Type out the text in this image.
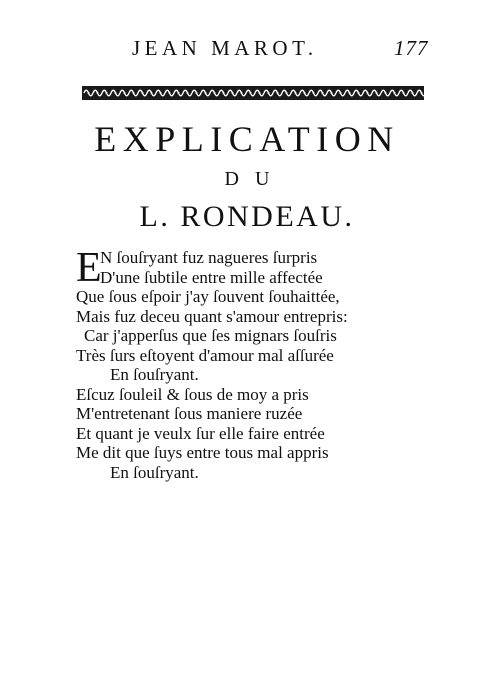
JEAN MAROT.	177
EXPLICATION
DU
L. RONDEAU.
E
N ſouſryant fuz nagueres ſurpris
D'une ſubtile entre mille affectée
Que ſous eſpoir j'ay ſouvent ſouhaittée,
Mais fuz deceu quant s'amour entrepris:
Car j'apperſus que ſes mignars ſouſris
Très ſurs eſtoyent d'amour mal aſſurée
En ſouſryant.
Eſcuz ſouleil & ſous de moy a pris
M'entretenant ſous maniere ruzée
Et quant je veulx ſur elle faire entrée
Me dit que ſuys entre tous mal appris
En ſouſryant.
